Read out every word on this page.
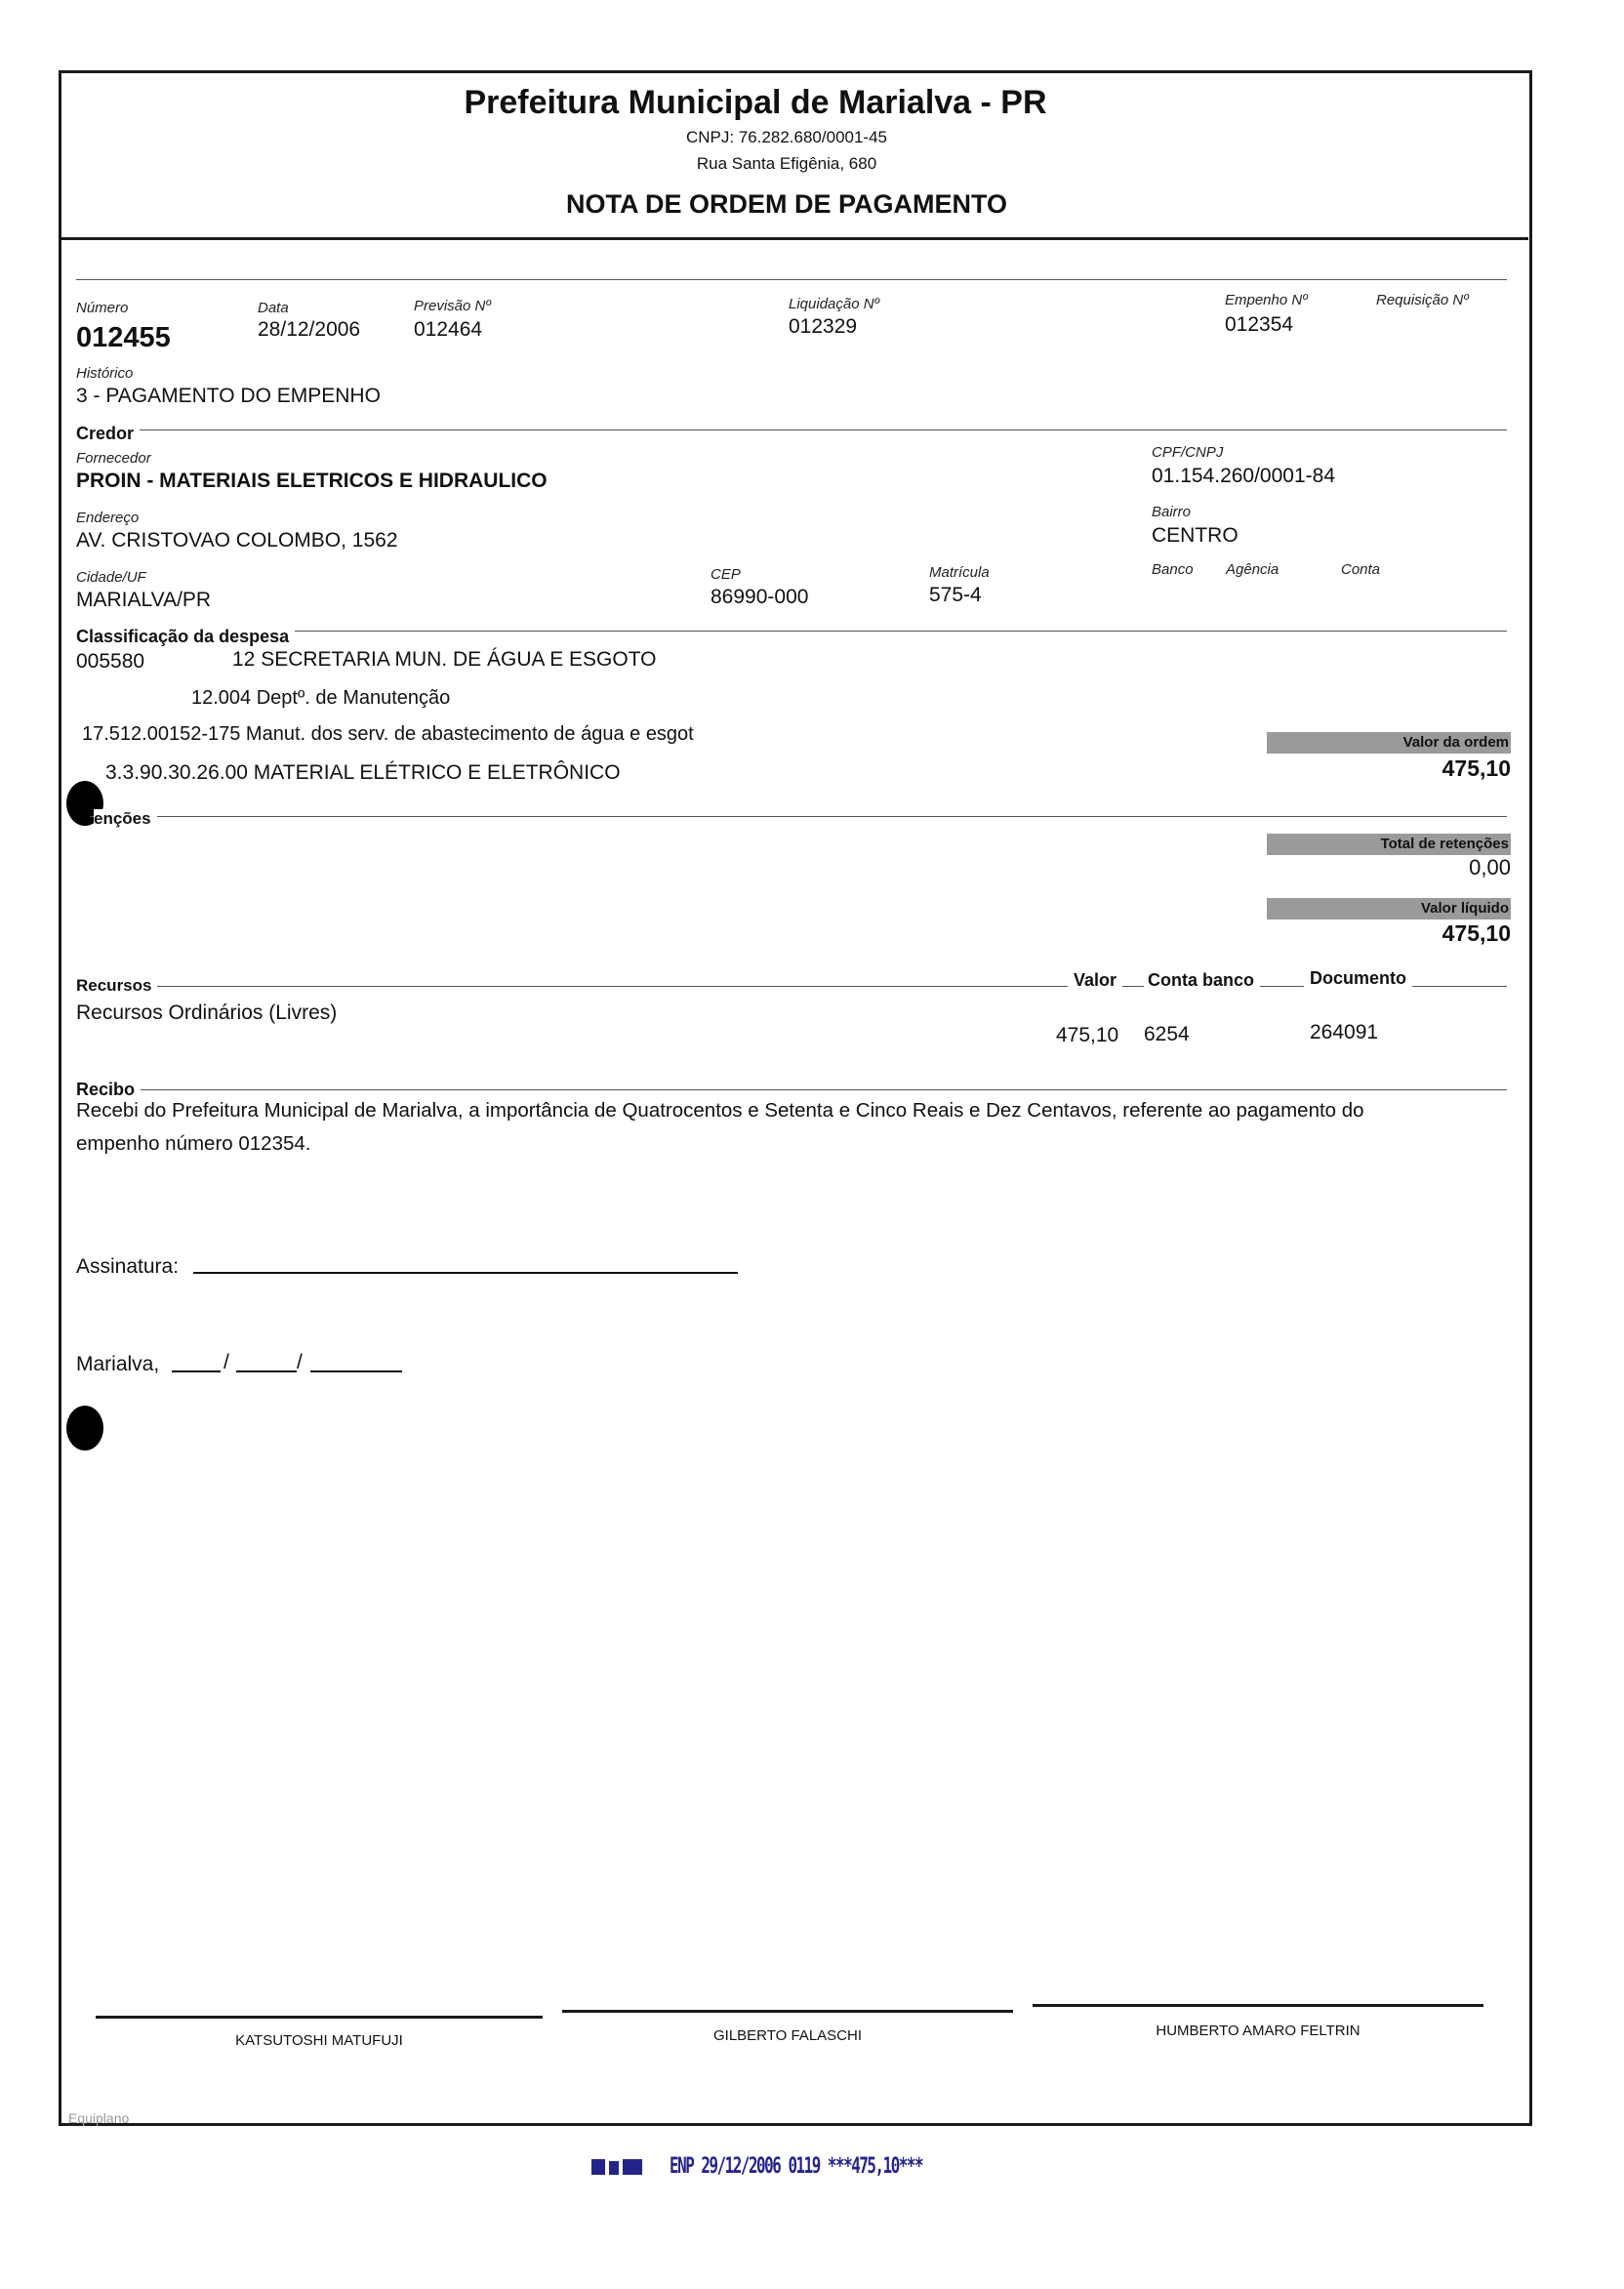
Prefeitura Municipal de Marialva - PR
CNPJ: 76.282.680/0001-45
Rua Santa Efigênia, 680
NOTA DE ORDEM DE PAGAMENTO
Número
012455
Data
28/12/2006
Previsão Nº
012464
Liquidação Nº
012329
Empenho Nº
012354
Requisição Nº
Histórico
3 - PAGAMENTO DO EMPENHO
Credor
Fornecedor
PROIN - MATERIAIS ELETRICOS E HIDRAULICO
CPF/CNPJ
01.154.260/0001-84
Endereço
AV. CRISTOVAO COLOMBO, 1562
Bairro
CENTRO
Cidade/UF
MARIALVA/PR
CEP
86990-000
Matrícula
575-4
Banco Agência	Conta
Classificação da despesa
005580	12 SECRETARIA MUN. DE ÁGUA E ESGOTO
12.004 Deptº. de Manutenção
17.512.00152-175 Manut. dos serv. de abastecimento de água e esgot
3.3.90.30.26.00 MATERIAL ELÉTRICO E ELETRÔNICO
Valor da ordem
475,10
enções
Total de retenções
0,00
Valor líquido
475,10
Recursos	Valor	Conta banco	Documento
Recursos Ordinários (Livres)
475,10 6254	264091
Recibo
Recebi do Prefeitura Municipal de Marialva, a importância de Quatrocentos e Setenta e Cinco Reais e Dez Centavos, referente ao pagamento do
empenho número 012354.
Assinatura:
Marialva,	/	/
KATSUTOSHI MATUFUJI	GILBERTO FALASCHI	HUMBERTO AMARO FELTRIN
Equiplano
ENP 29/12/2006 0119 ***475,10***
